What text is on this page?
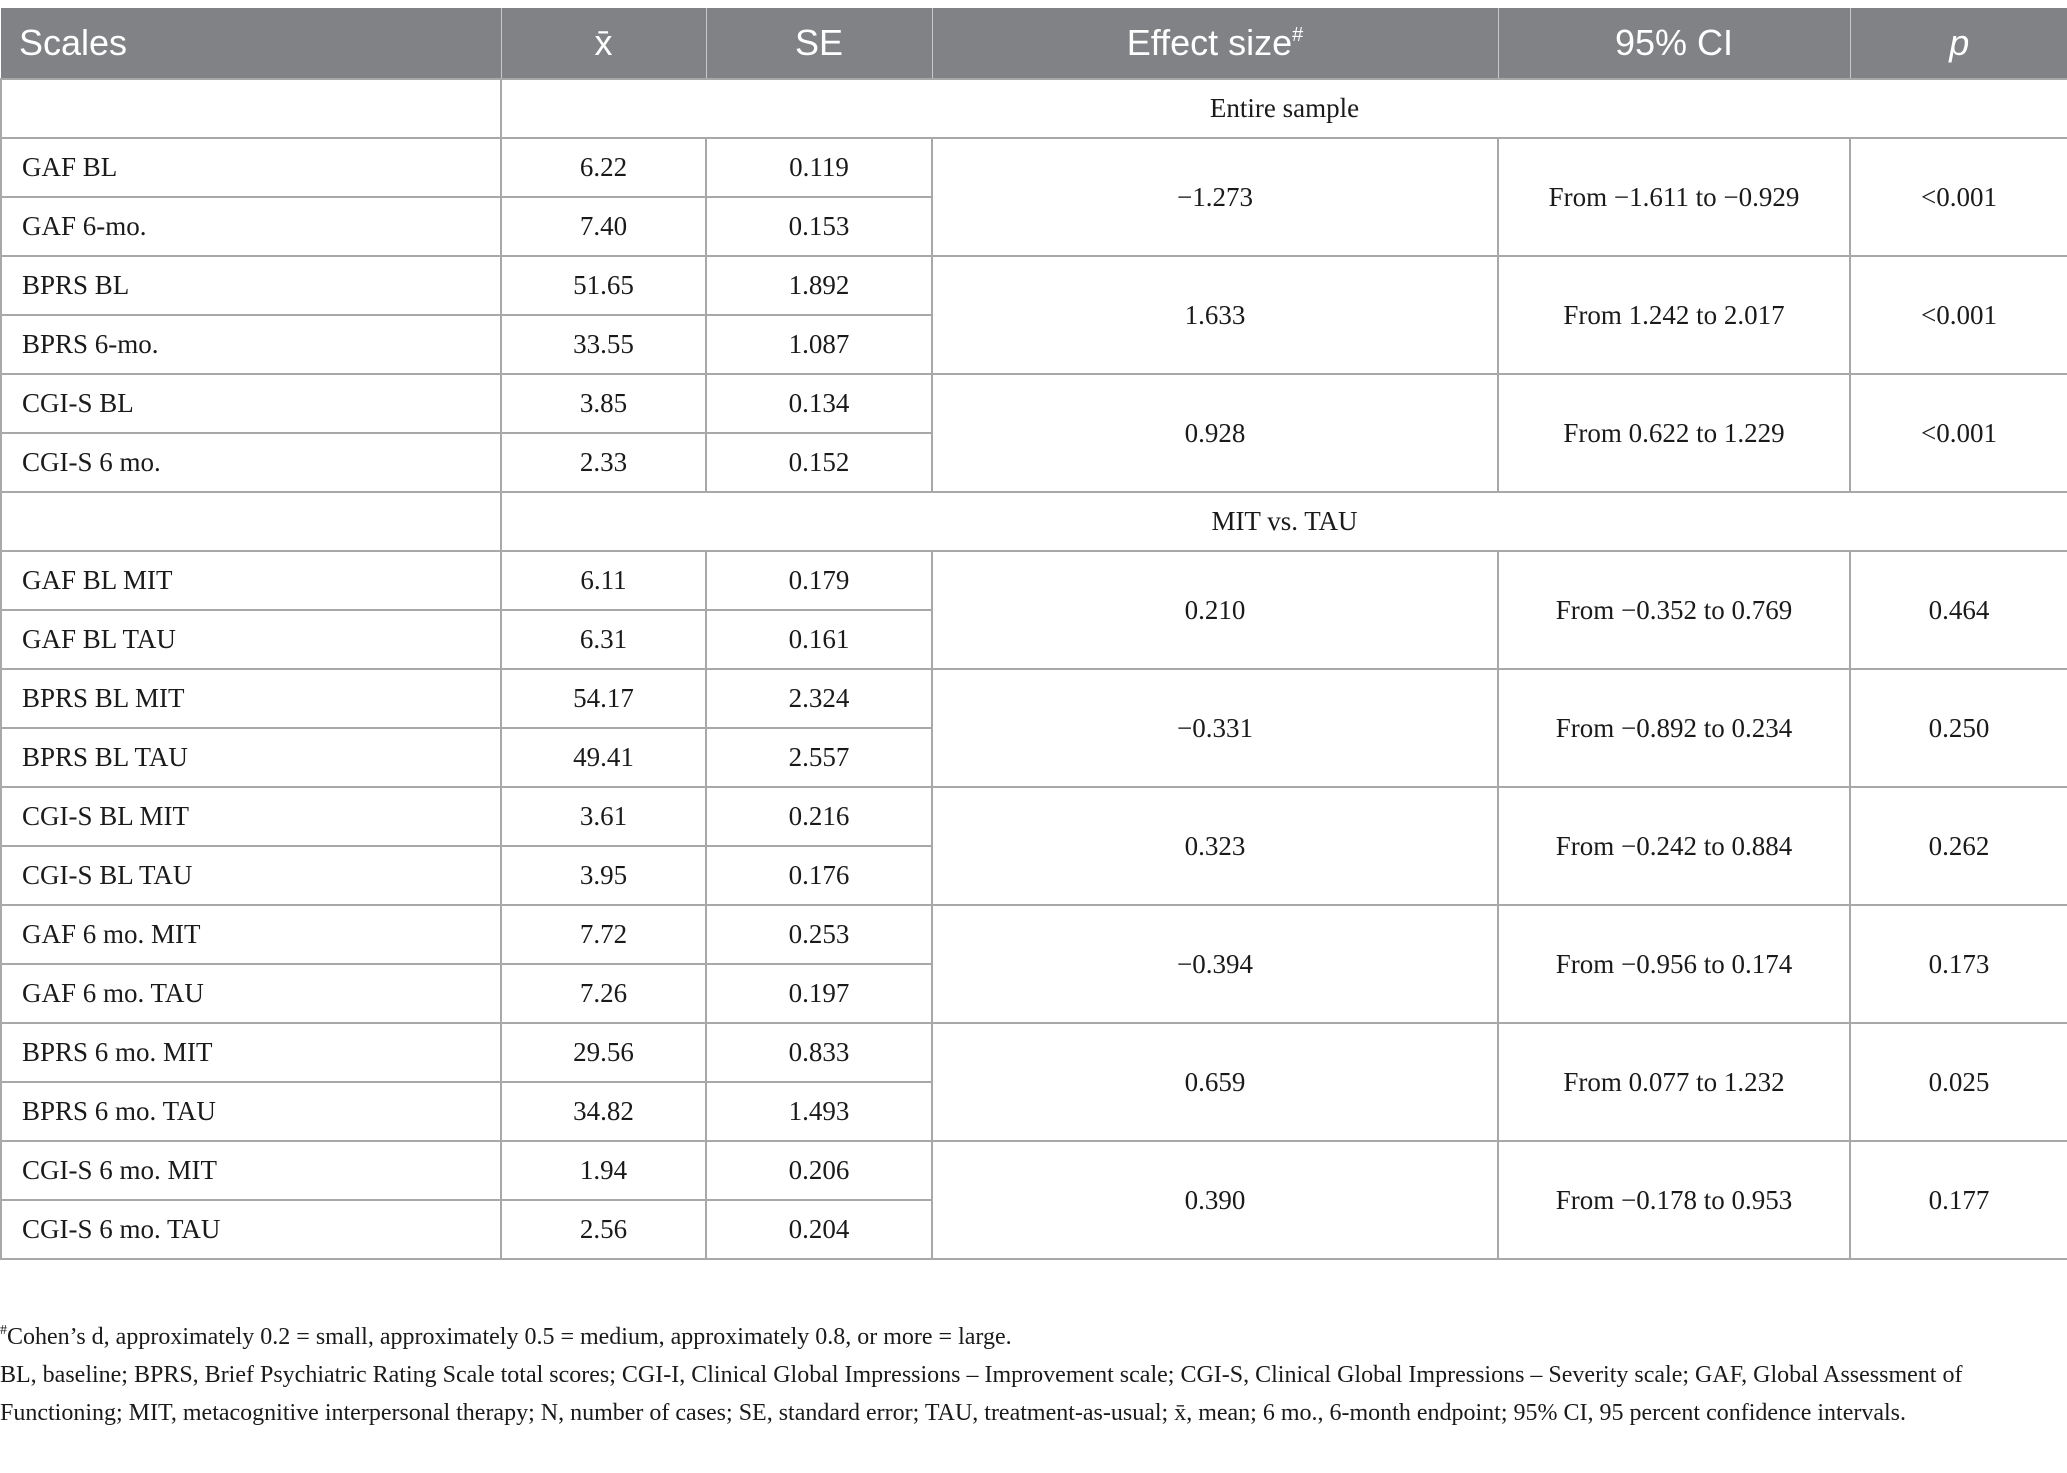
Scales	x̄	SE	Effect size#	95% CI	p
	Entire sample				
GAF BL	6.22	0.119	−1.273	From −1.611 to −0.929	<0.001
GAF 6-mo.	7.40	0.153			
BPRS BL	51.65	1.892	1.633	From 1.242 to 2.017	<0.001
BPRS 6-mo.	33.55	1.087			
CGI-S BL	3.85	0.134	0.928	From 0.622 to 1.229	<0.001
CGI-S 6 mo.	2.33	0.152			
	MIT vs. TAU				
GAF BL MIT	6.11	0.179	0.210	From −0.352 to 0.769	0.464
GAF BL TAU	6.31	0.161			
BPRS BL MIT	54.17	2.324	−0.331	From −0.892 to 0.234	0.250
BPRS BL TAU	49.41	2.557			
CGI-S BL MIT	3.61	0.216	0.323	From −0.242 to 0.884	0.262
CGI-S BL TAU	3.95	0.176			
GAF 6 mo. MIT	7.72	0.253	−0.394	From −0.956 to 0.174	0.173
GAF 6 mo. TAU	7.26	0.197			
BPRS 6 mo. MIT	29.56	0.833	0.659	From 0.077 to 1.232	0.025
BPRS 6 mo. TAU	34.82	1.493			
CGI-S 6 mo. MIT	1.94	0.206	0.390	From −0.178 to 0.953	0.177
CGI-S 6 mo. TAU	2.56	0.204			

#Cohen’s d, approximately 0.2 = small, approximately 0.5 = medium, approximately 0.8, or more = large.

BL, baseline; BPRS, Brief Psychiatric Rating Scale total scores; CGI-I, Clinical Global Impressions – Improvement scale; CGI-S, Clinical Global Impressions – Severity scale; GAF, Global Assessment of Functioning; MIT, metacognitive interpersonal therapy; N, number of cases; SE, standard error; TAU, treatment-as-usual; x̄, mean; 6 mo., 6-month endpoint; 95% CI, 95 percent confidence intervals.
